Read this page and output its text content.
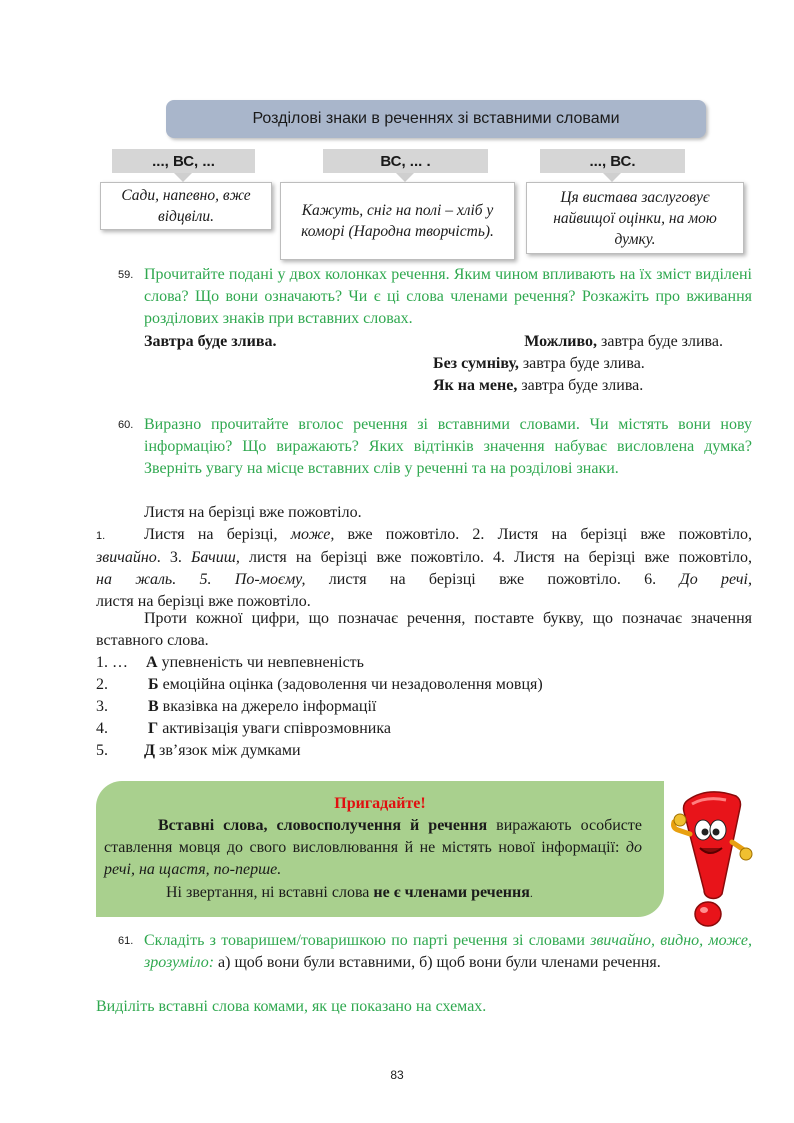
Розділові знаки в реченнях зі вставними словами
..., ВС, ...	ВС, ... .	..., ВС.
Сади, напевно, вже відцвіли.	Кажуть, сніг на полі – хліб у коморі (Народна творчість).
Ця вистава заслуговує найвищої оцінки, на мою думку.
59. Прочитайте подані у двох колонках речення. Яким чином впливають на їх зміст виділені слова? Що вони означають? Чи є ці слова членами речення? Розкажіть про вживання розділових знаків при вставних словах.

Завтра буде злива.	Можливо, завтра буде злива.
Без сумніву, завтра буде злива.
Як на мене, завтра буде злива.
60. Виразно прочитайте вголос речення зі вставними словами. Чи містять вони нову інформацію? Що виражають? Яких відтінків значення набуває висловлена думка? Зверніть увагу на місце вставних слів у реченні та на розділові знаки.

Листя на берізці вже пожовтіло.

1. Листя на берізці, може, вже пожовтіло. 2. Листя на берізці вже пожовтіло,
звичайно. 3. Бачиш, листя на берізці вже пожовтіло. 4. Листя на берізці вже пожовтіло,
на жаль. 5. По-моєму, листя на берізці вже пожовтіло. 6. До речі,
листя на берізці вже пожовтіло.

Проти кожної цифри, що позначає речення, поставте букву, що позначає значення вставного слова.

1. … А упевненість чи невпевненість
2.	Б емоційна оцінка (задоволення чи незадоволення мовця)
3.	В вказівка на джерело інформації
4.	Г активізація уваги співрозмовника
5. Д зв’язок між думками
Пригадайте!

Вставні слова, словосполучення й речення виражають особисте ставлення мовця до свого висловлювання й не містять нової інформації: до речі, на щастя, по-перше.

Ні звертання, ні вставні слова не є членами речення.

61. Складіть з товаришем/товаришкою по парті речення зі словами звичайно, видно, може, зрозуміло: а) щоб вони були вставними, б) щоб вони були членами речення.

Виділіть вставні слова комами, як це показано на схемах.

83
